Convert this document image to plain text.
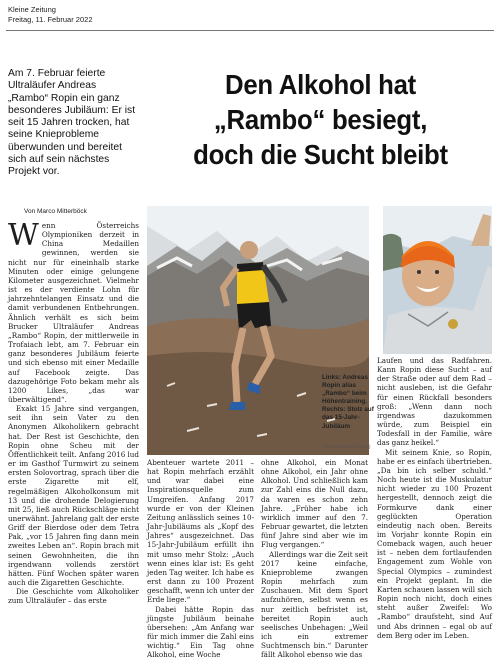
Kleine Zeitung
Freitag, 11. Februar 2022
Am 7. Februar feierte Ultraläufer Andreas „Rambo“ Ropin ein ganz besonderes Jubiläum: Er ist seit 15 Jahren trocken, hat seine Knieprobleme überwunden und bereitet sich auf sein nächstes Projekt vor.
Den Alkohol hat
„Rambo“ besiegt,
doch die Sucht bleibt
Von Marco Mitterböck

Wenn Österreichs Olympioniken derzeit in China Medaillen gewinnen, werden sie nicht nur für eineinhalb starke Minuten oder einige gelungene Kilometer ausgezeichnet. Vielmehr ist es der verdiente Lohn für jahrzehntelangen Einsatz und die damit verbundenen Entbehrungen. Ähnlich verhält es sich beim Brucker Ultraläufer Andreas „Rambo“ Ropin, der mittlerweile in Trofaiach lebt, am 7. Februar ein ganz besonderes Jubiläum feierte und sich ebenso mit einer Medaille auf Facebook zeigte. Das dazugehörige Foto bekam mehr als 1200 Likes, „das war überwältigend“.

Exakt 15 Jahre sind vergangen, seit ihn sein Vater zu den Anonymen Alkoholikern gebracht hat. Der Rest ist Geschichte, den Ropin ohne Scheu mit der Öffentlichkeit teilt. Anfang 2016 lud er im Gasthof Turmwirt zu seinem ersten Solovortrag, sprach über die erste Zigarette mit elf, regelmäßigen Alkoholkonsum mit 13 und die drohende Delogierung mit 25, ließ auch Rückschläge nicht unerwähnt. Jahrelang galt der erste Griff der Bierdose oder dem Tetra Pak, „vor 15 Jahren fing dann mein zweites Leben an“. Ropin brach mit seinen Gewohnheiten, die ihn irgendwann vollends zerstört hätten. Fünf Wochen später waren auch die Zigaretten Geschichte.

Die Geschichte vom Alkoholiker zum Ultraläufer – das erste

Links: Andreas Ropin alias „Rambo“ beim Höhentraining. Rechts: Stolz auf das 15-Jahr-Jubiläum
ANDREAS ROPIN (2)

Abenteuer wartete 2011 – hat Ropin mehrfach erzählt und war dabei eine Inspirationsquelle zum Umgreifen. Anfang 2017 wurde er von der Kleinen Zeitung anlässlich seines 10-Jahr-Jubiläums als „Kopf des Jahres“ ausgezeichnet. Das 15-Jahr-Jubiläum erfüllt ihn mit umso mehr Stolz: „Auch wenn eines klar ist: Es geht jeden Tag weiter. Ich habe es erst dann zu 100 Prozent geschafft, wenn ich unter der Erde liege.“

Dabei hätte Ropin das jüngste Jubiläum beinahe übersehen: „Am Anfang war für mich immer die Zahl eins wichtig.“ Ein Tag ohne Alkohol, eine Woche

ohne Alkohol, ein Monat ohne Alkohol, ein Jahr ohne Alkohol. Und schließlich kam zur Zahl eins die Null dazu, da waren es schon zehn Jahre. „Früher habe ich wirklich immer auf den 7. Februar gewartet, die letzten fünf Jahre sind aber wie im Flug vergangen.“

Allerdings war die Zeit seit 2017 keine einfache, Knieprobleme zwangen Ropin mehrfach zum Zuschauen. Mit dem Sport aufzuhören, selbst wenn es nur zeitlich befristet ist, bereitet Ropin auch seelisches Unbehagen: „Weil ich ein extremer Suchtmensch bin.“ Darunter fällt Alkohol ebenso wie das

Laufen und das Radfahren. Kann Ropin diese Sucht – auf der Straße oder auf dem Rad – nicht ausleben, ist die Gefahr für einen Rückfall besonders groß: „Wenn dann noch irgendwas dazukommen würde, zum Beispiel ein Todesfall in der Familie, wäre das ganz heikel.“

Mit seinem Knie, so Ropin, habe er es einfach übertrieben. „Da bin ich selber schuld.“ Noch heute ist die Muskulatur nicht wieder zu 100 Prozent hergestellt, dennoch zeigt die Formkurve dank einer geglückten Operation eindeutig nach oben. Bereits im Vorjahr konnte Ropin ein Comeback wagen, auch heuer ist – neben dem fortlaufenden Engagement zum Wohle von Special Olympics – zumindest ein Projekt geplant. In die Karten schauen lassen will sich Ropin noch nicht, doch eines steht außer Zweifel: Wo „Rambo“ draufsteht, sind Auf und Abs drinnen – egal ob auf dem Berg oder im Leben.
